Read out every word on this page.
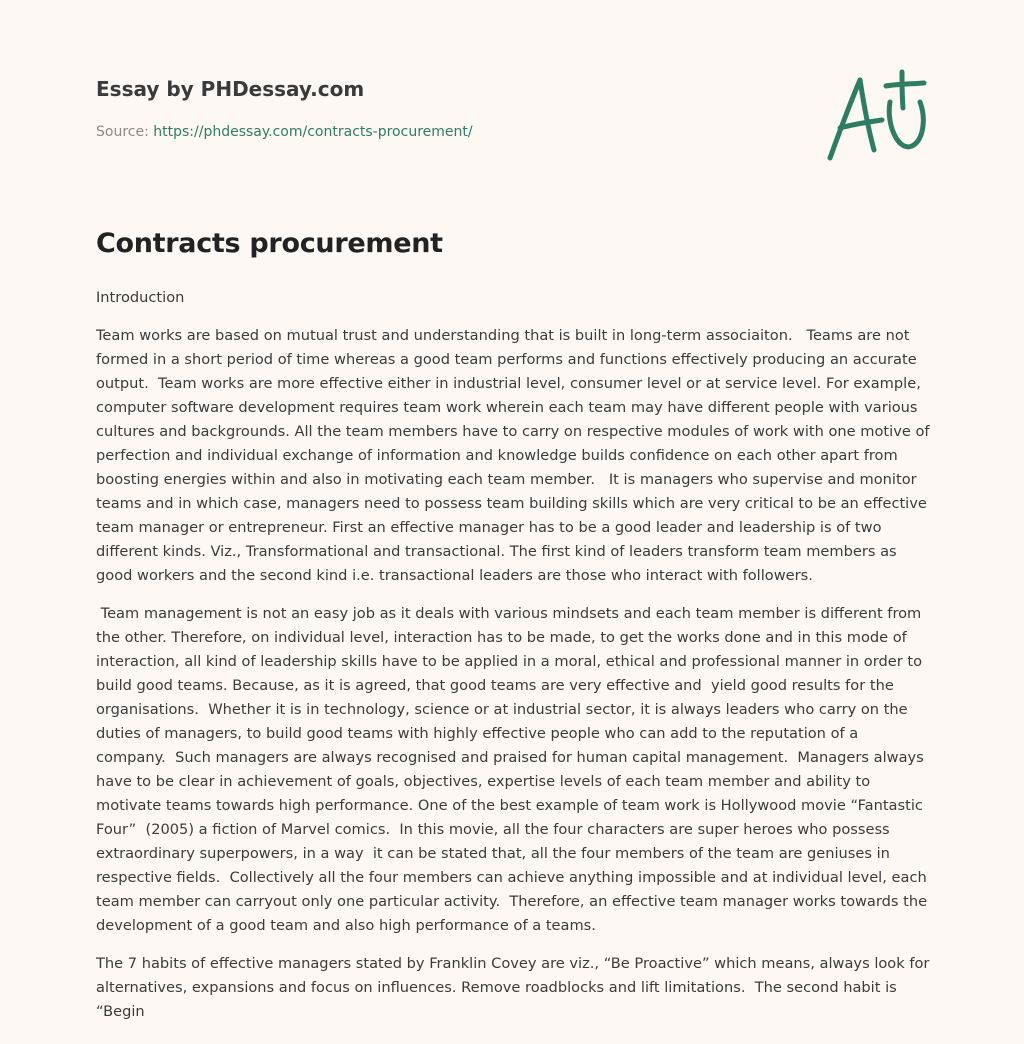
Essay by PHDessay.com
Source: https://phdessay.com/contracts-procurement/
Contracts procurement

Introduction

Team works are based on mutual trust and understanding that is built in long-term associaiton.   Teams are not formed in a short period of time whereas a good team performs and functions effectively producing an accurate output.  Team works are more effective either in industrial level, consumer level or at service level. For example, computer software development requires team work wherein each team may have different people with various cultures and backgrounds. All the team members have to carry on respective modules of work with one motive of perfection and individual exchange of information and knowledge builds confidence on each other apart from boosting energies within and also in motivating each team member.   It is managers who supervise and monitor teams and in which case, managers need to possess team building skills which are very critical to be an effective team manager or entrepreneur. First an effective manager has to be a good leader and leadership is of two different kinds. Viz., Transformational and transactional. The first kind of leaders transform team members as good workers and the second kind i.e. transactional leaders are those who interact with followers.

Team management is not an easy job as it deals with various mindsets and each team member is different from the other. Therefore, on individual level, interaction has to be made, to get the works done and in this mode of interaction, all kind of leadership skills have to be applied in a moral, ethical and professional manner in order to build good teams. Because, as it is agreed, that good teams are very effective and  yield good results for the organisations.  Whether it is in technology, science or at industrial sector, it is always leaders who carry on the duties of managers, to build good teams with highly effective people who can add to the reputation of a company.  Such managers are always recognised and praised for human capital management.  Managers always have to be clear in achievement of goals, objectives, expertise levels of each team member and ability to motivate teams towards high performance. One of the best example of team work is Hollywood movie “Fantastic Four”  (2005) a fiction of Marvel comics.  In this movie, all the four characters are super heroes who possess extraordinary superpowers, in a way  it can be stated that, all the four members of the team are geniuses in respective fields.  Collectively all the four members can achieve anything impossible and at individual level, each team member can carryout only one particular activity.  Therefore, an effective team manager works towards the development of a good team and also high performance of a teams.

The 7 habits of effective managers stated by Franklin Covey are viz., “Be Proactive” which means, always look for alternatives, expansions and focus on influences. Remove roadblocks and lift limitations.  The second habit is “Begin
